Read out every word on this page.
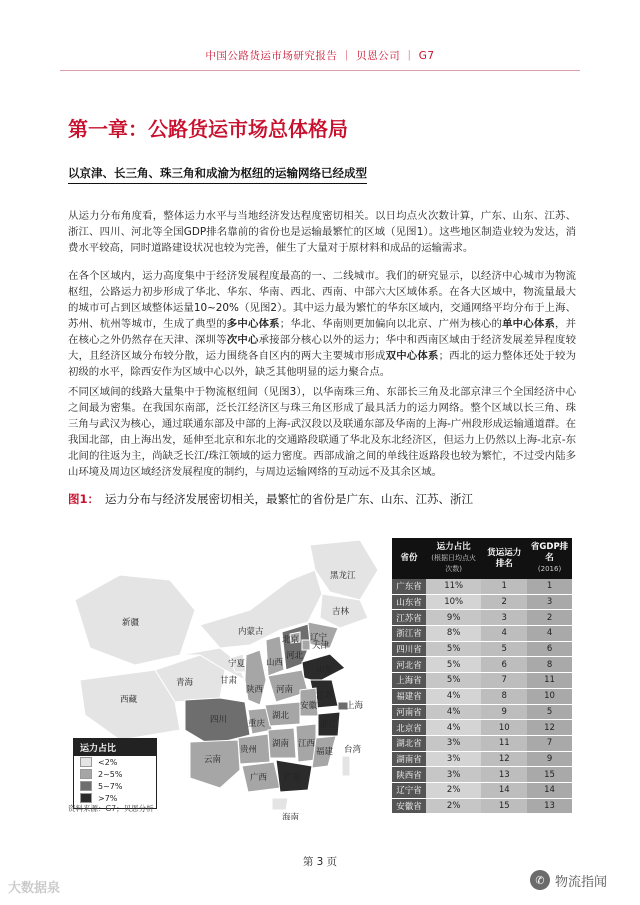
中国公路货运市场研究报告 ｜ 贝恩公司 ｜ G7
第一章：公路货运市场总体格局
以京津、长三角、珠三角和成渝为枢纽的运输网络已经成型
从运力分布角度看，整体运力水平与当地经济发达程度密切相关。以日均点火次数计算，广东、山东、江苏、浙江、四川、河北等全国GDP排名靠前的省份也是运输最繁忙的区域（见图1）。这些地区制造业较为发达，消费水平较高，同时道路建设状况也较为完善，催生了大量对于原材料和成品的运输需求。
在各个区域内，运力高度集中于经济发展程度最高的一、二线城市。我们的研究显示，以经济中心城市为物流枢纽，公路运力初步形成了华北、华东、华南、西北、西南、中部六大区域体系。在各大区域中，物流量最大的城市可占到区域整体运量10~20%（见图2）。其中运力最为繁忙的华东区域内，交通网络平均分布于上海、苏州、杭州等城市，生成了典型的多中心体系；华北、华南则更加偏向以北京、广州为核心的单中心体系，并在核心之外仍然存在天津、深圳等次中心承接部分核心以外的运力；华中和西南区域由于经济发展差异程度较大，且经济区域分布较分散，运力围绕各自区内的两大主要城市形成双中心体系；西北的运力整体还处于较为初级的水平，除西安作为区域中心以外，缺乏其他明显的运力聚合点。
不同区域间的线路大量集中于物流枢纽间（见图3），以华南珠三角、东部长三角及北部京津三个全国经济中心之间最为密集。在我国东南部，泛长江经济区与珠三角区形成了最具活力的运力网络。整个区域以长三角、珠三角与武汉为核心，通过联通东部及中部的上海-武汉段以及联通东部及华南的上海-广州段形成运输通道群。在我国北部，由上海出发，延伸至北京和东北的交通路段联通了华北及东北经济区，但运力上仍然以上海-北京-东北间的往返为主，尚缺乏长江/珠江领域的运力密度。西部成渝之间的单线往返路段也较为繁忙，不过受内陆多山环境及周边区域经济发展程度的制约，与周边运输网络的互动远不及其余区域。
图1： 运力分布与经济发展密切相关，最繁忙的省份是广东、山东、江苏、浙江
黑龙江
吉林
辽宁
新疆
内蒙古
北京
天津
河北
山西
宁夏
青海	甘肃
山东
陕西 河南
江苏
西藏
四川	湖北
安徽	上海
重庆	浙江
湖南 江西
贵州	福建
云南
广西 广东
台湾
海南
运力占比
<2%
2~5%
5~7%
>7%
资料来源：G7；贝恩分析
省份	运力占比
(根据日均点火次数)	货运运力排名	省GDP排名
(2016)
广东省	11%	1	1
山东省	10%	2	3
江苏省	9%	3	2
浙江省	8%	4	4
四川省	5%	5	6
河北省	5%	6	8
上海省	5%	7	11
福建省	4%	8	10
河南省	4%	9	5
北京省	4%	10	12
湖北省	3%	11	7
湖南省	3%	12	9
陕西省	3%	13	15
辽宁省	2%	14	14
安徽省	2%	15	13
第 3 页
大数据泉
✆ 物流指闻
